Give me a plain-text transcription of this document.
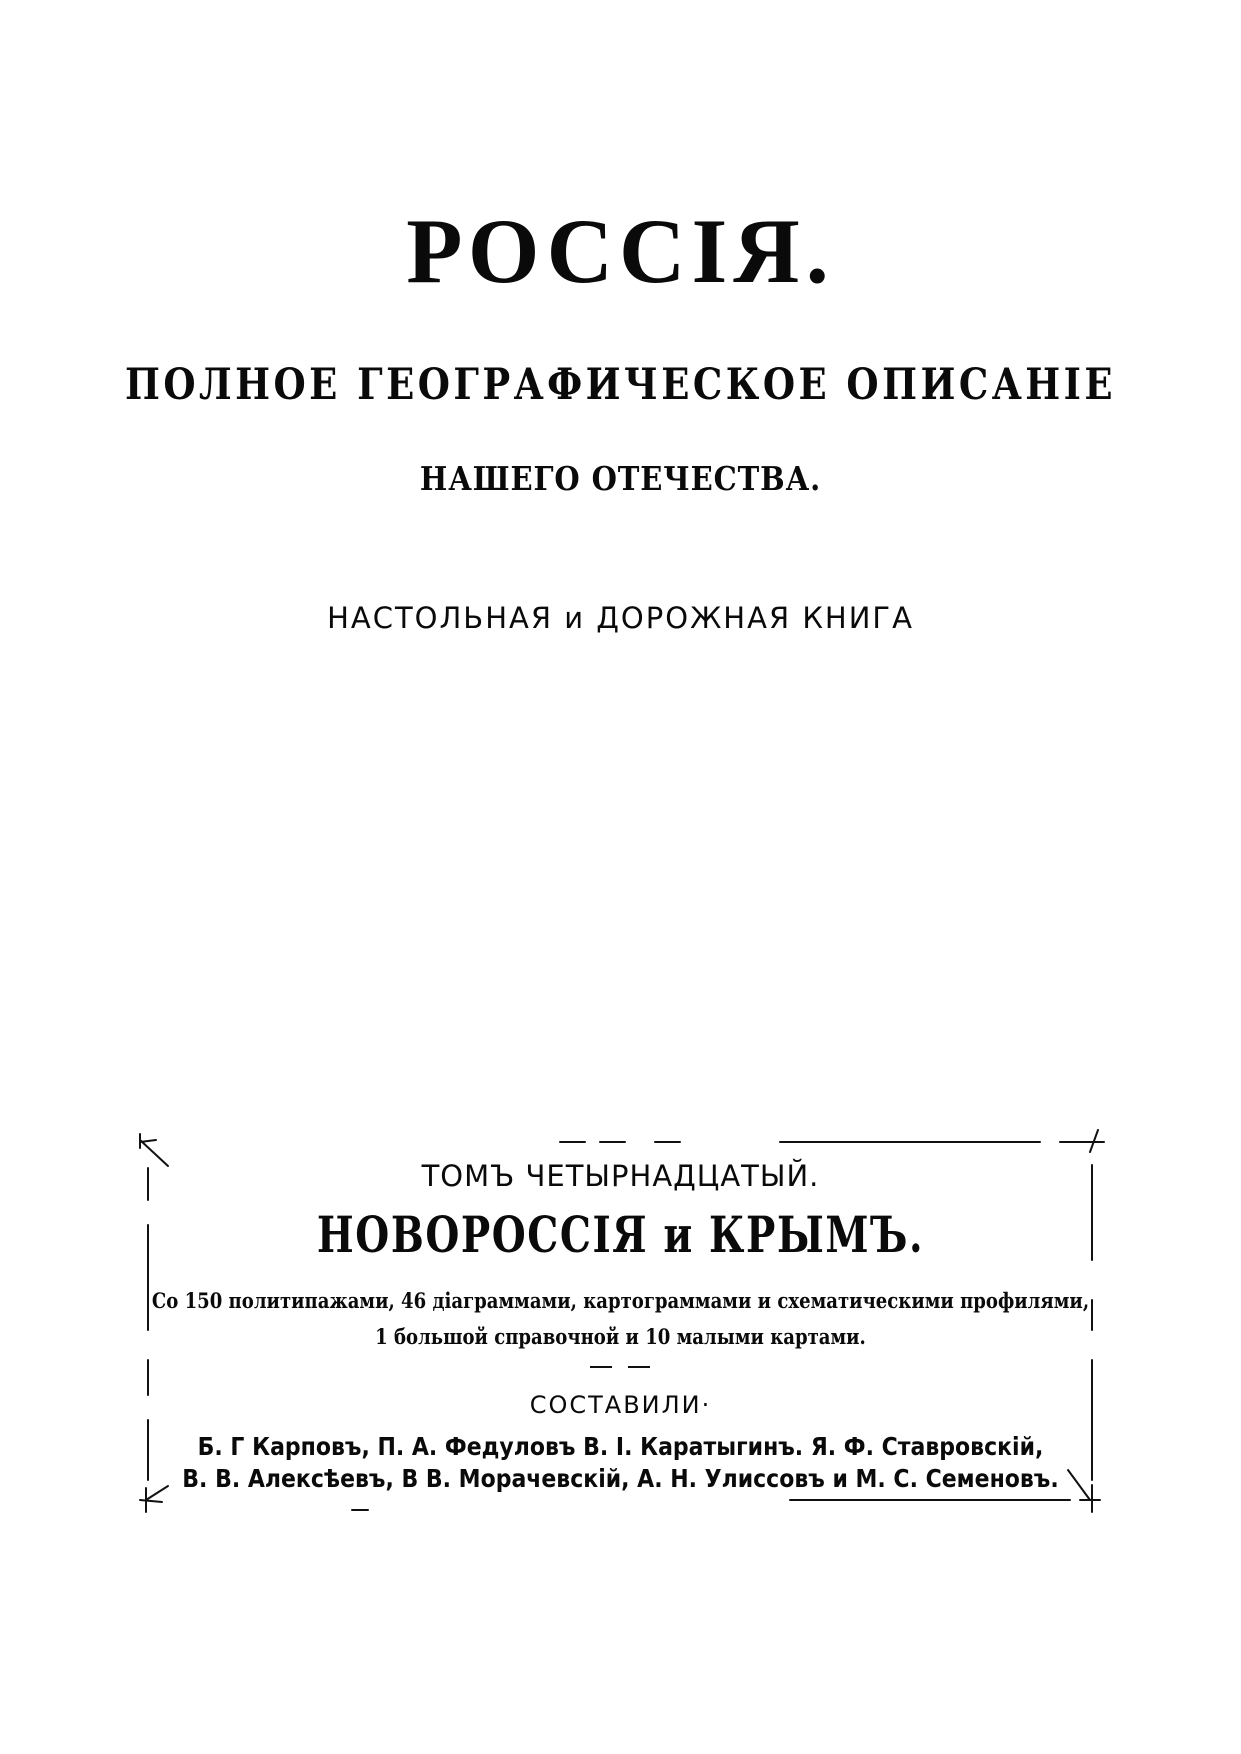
РОССІЯ.
ПОЛНОЕ ГЕОГРАФИЧЕСКОЕ ОПИСАНІЕ
НАШЕГО ОТЕЧЕСТВА.
НАСТОЛЬНАЯ и ДОРОЖНАЯ КНИГА
ТОМЪ ЧЕТЫРНАДЦАТЫЙ.
НОВОРОССІЯ и КРЫМЪ.
Со 150 политипажами, 46 діаграммами, картограммами и схематическими профилями,
1 большой справочной и 10 малыми картами.
СОСТАВИЛИ·
Б. Г Карповъ, П. А. Федуловъ В. І. Каратыгинъ. Я. Ф. Ставровскій,
В. В. Алексѣевъ, В В. Морачевскій, А. Н. Улиссовъ и М. С. Семеновъ.
